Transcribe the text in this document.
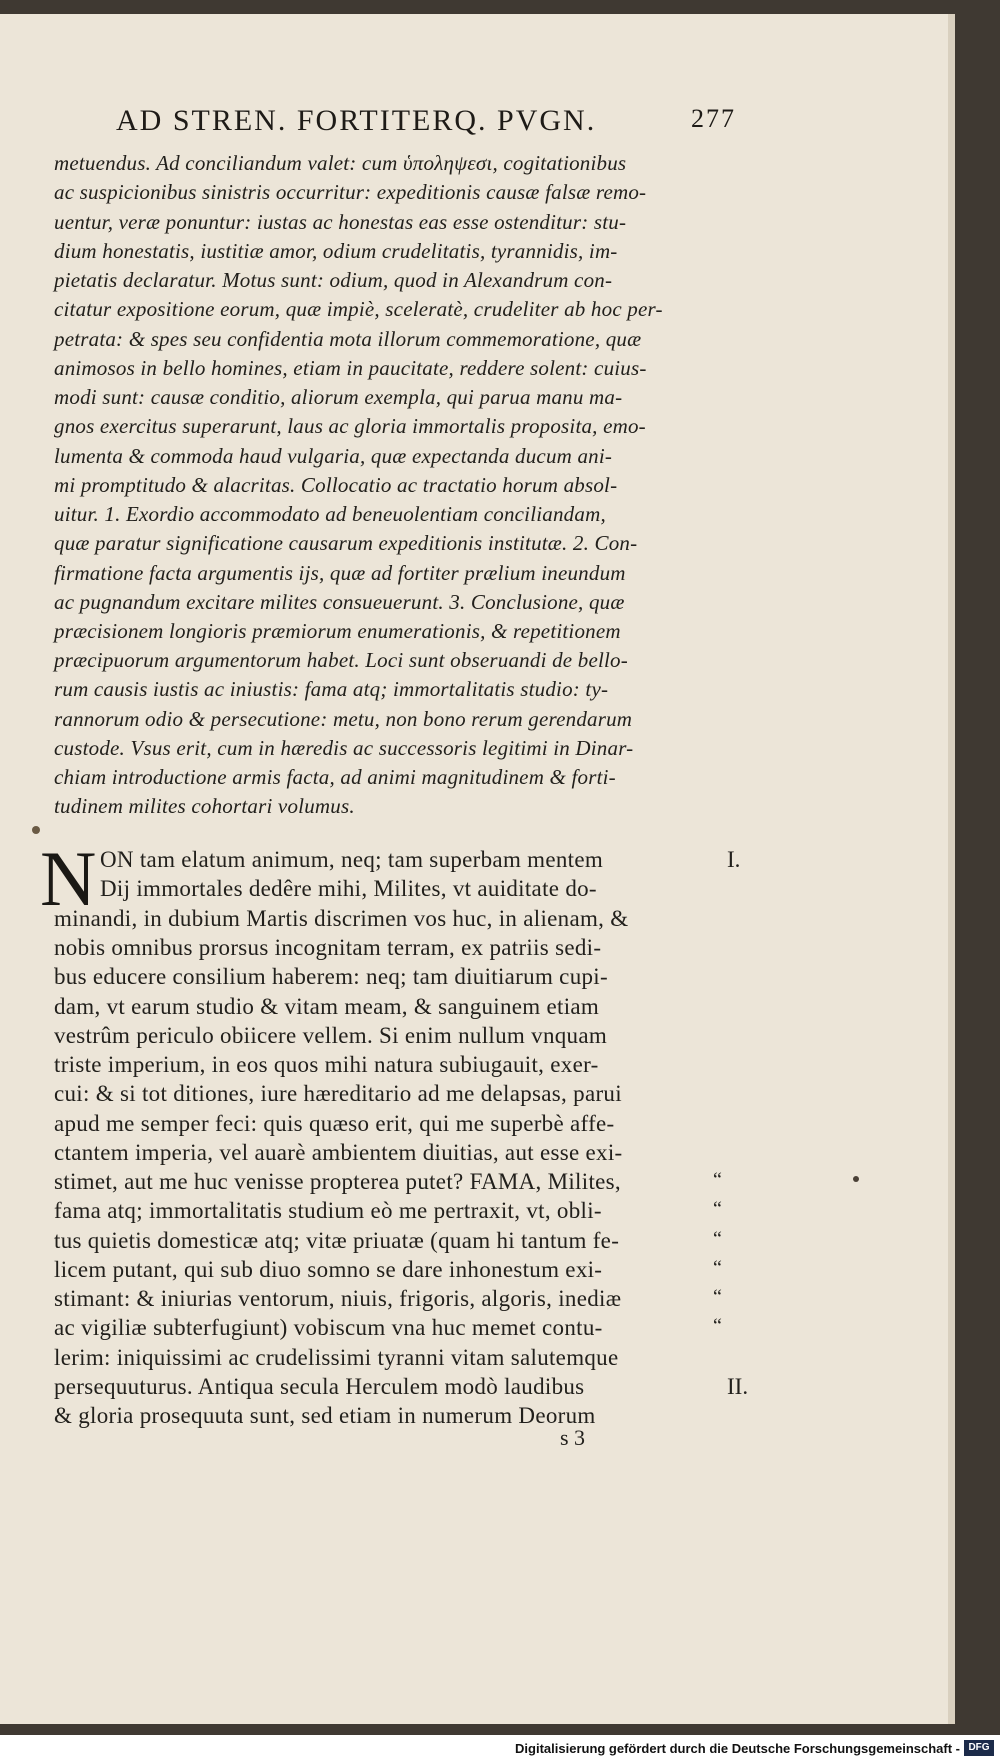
AD STREN. FORTITERQ. PVGN.	277
metuendus. Ad conciliandum valet: cum ὑποληψεσι, cogitationibus
ac suspicionibus sinistris occurritur: expeditionis causæ falsæ remo-
uentur, veræ ponuntur: iustas ac honestas eas esse ostenditur: stu-
dium honestatis, iustitiæ amor, odium crudelitatis, tyrannidis, im-
pietatis declaratur. Motus sunt: odium, quod in Alexandrum con-
citatur expositione eorum, quæ impiè, sceleratè, crudeliter ab hoc per-
petrata: & spes seu confidentia mota illorum commemoratione, quæ
animosos in bello homines, etiam in paucitate, reddere solent: cuius-
modi sunt: causæ conditio, aliorum exempla, qui parua manu ma-
gnos exercitus superarunt, laus ac gloria immortalis proposita, emo-
lumenta & commoda haud vulgaria, quæ expectanda ducum ani-
mi promptitudo & alacritas. Collocatio ac tractatio horum absol-
uitur. 1. Exordio accommodato ad beneuolentiam conciliandam,
quæ paratur significatione causarum expeditionis institutæ. 2. Con-
firmatione facta argumentis ijs, quæ ad fortiter prælium ineundum
ac pugnandum excitare milites consueuerunt. 3. Conclusione, quæ
præcisionem longioris præmiorum enumerationis, & repetitionem
præcipuorum argumentorum habet. Loci sunt obseruandi de bello-
rum causis iustis ac iniustis: fama atq; immortalitatis studio: ty-
rannorum odio & persecutione: metu, non bono rerum gerendarum
custode. Vsus erit, cum in hæredis ac successoris legitimi in Dinar-
chiam introductione armis facta, ad animi magnitudinem & forti-
tudinem milites cohortari volumus.
N ON tam elatum animum, neq; tam superbam mentem
Dij immortales dedêre mihi, Milites, vt auiditate do-
minandi, in dubium Martis discrimen vos huc, in alienam, &
nobis omnibus prorsus incognitam terram, ex patriis sedi-
bus educere consilium haberem: neq; tam diuitiarum cupi-
dam, vt earum studio & vitam meam, & sanguinem etiam
vestrûm periculo obiicere vellem. Si enim nullum vnquam
triste imperium, in eos quos mihi natura subiugauit, exer-
cui: & si tot ditiones, iure hæreditario ad me delapsas, parui
apud me semper feci: quis quæso erit, qui me superbè affe-
ctantem imperia, vel auarè ambientem diuitias, aut esse exi-
stimet, aut me huc venisse propterea putet? FAMA, Milites,
fama atq; immortalitatis studium eò me pertraxit, vt, obli-
tus quietis domesticæ atq; vitæ priuatæ (quam hi tantum fe-
licem putant, qui sub diuo somno se dare inhonestum exi-
stimant: & iniurias ventorum, niuis, frigoris, algoris, inediæ
ac vigiliæ subterfugiunt) vobiscum vna huc memet contu-
lerim: iniquissimi ac crudelissimi tyranni vitam salutemque
persequuturus. Antiqua secula Herculem modò laudibus
& gloria prosequuta sunt, sed etiam in numerum Deorum
I.
II.
“
“
“
“
“
“
s 3
Digitalisierung gefördert durch die Deutsche Forschungsgemeinschaft - DFG
